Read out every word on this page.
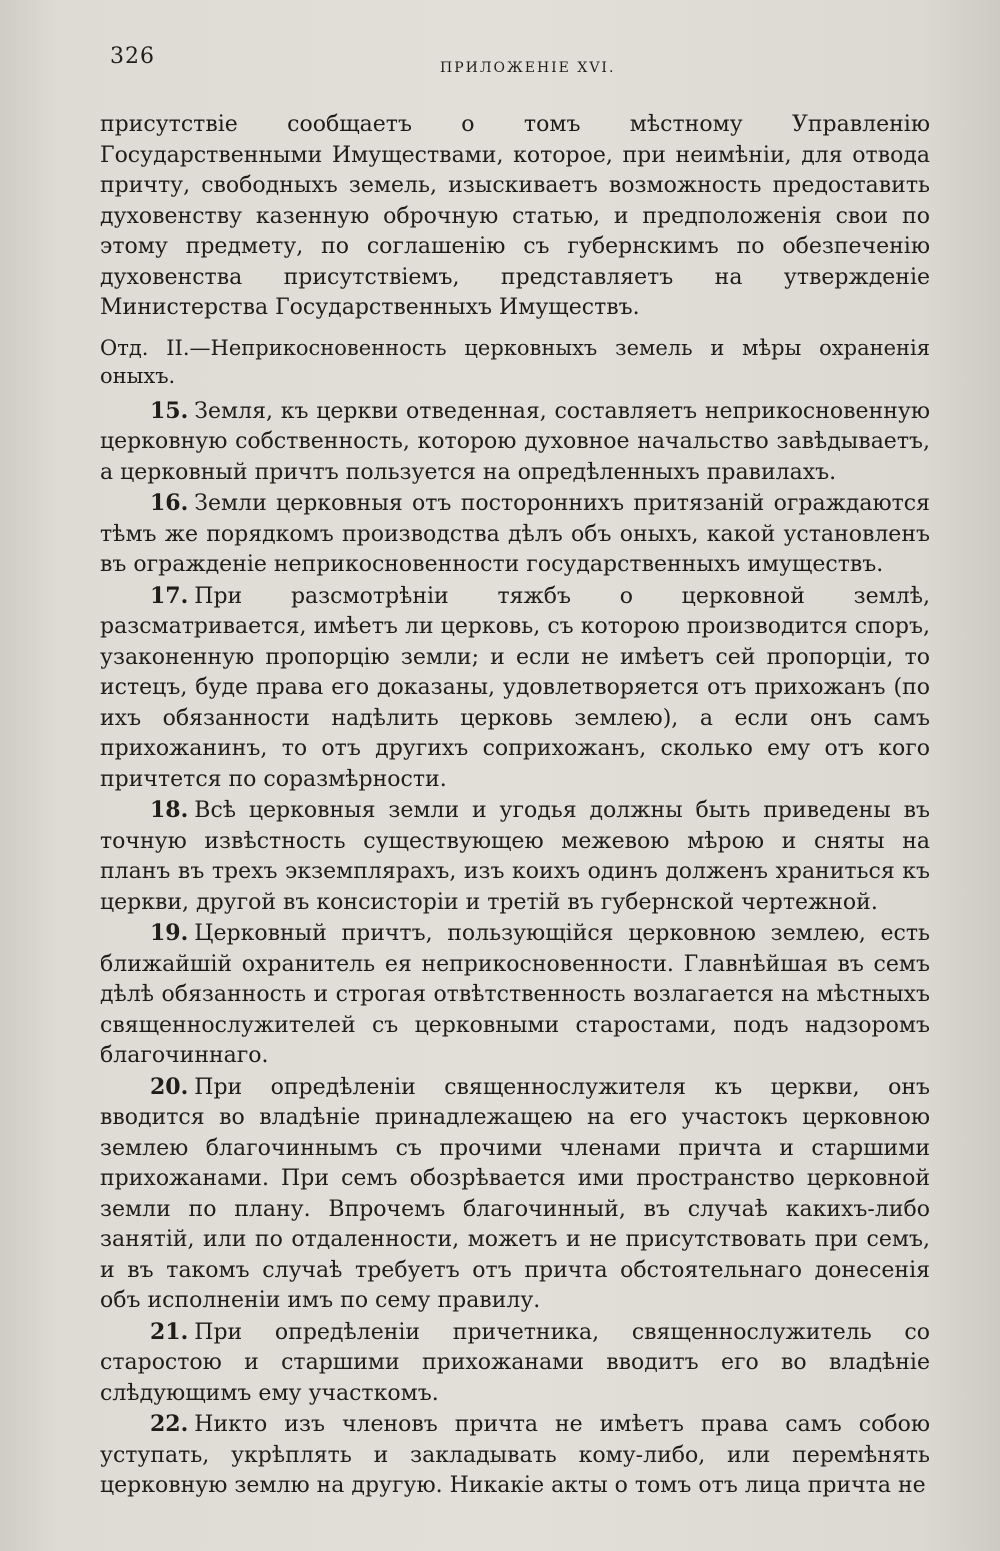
326	ПРИЛОЖЕНІЕ XVI.

присутствіе сообщаетъ о томъ мѣстному Управленію Государственными Имуществами, которое, при неимѣніи, для отвода причту, свободныхъ земель, изыскиваетъ возможность предоставить духовенству казенную оброчную статью, и предположенія свои по этому предмету, по соглашенію съ губернскимъ по обезпеченію духовенства присутствіемъ, представляетъ на утвержденіе Министерства Государственныхъ Имуществъ.

Отд. II.—Неприкосновенность церковныхъ земель и мѣры охраненія
оныхъ.

15. Земля, къ церкви отведенная, составляетъ неприкосновенную церковную собственность, которою духовное начальство завѣдываетъ, а церковный причтъ пользуется на опредѣленныхъ правилахъ.

16. Земли церковныя отъ постороннихъ притязаній ограждаются тѣмъ же порядкомъ производства дѣлъ объ оныхъ, какой установленъ въ огражденіе неприкосновенности государственныхъ имуществъ.

17. При разсмотрѣніи тяжбъ о церковной землѣ, разсматривается, имѣетъ ли церковь, съ которою производится споръ, узаконенную пропорцію земли; и если не имѣетъ сей пропорціи, то истецъ, буде права его доказаны, удовлетворяется отъ прихожанъ (по ихъ обязанности надѣлить церковь землею), а если онъ самъ прихожанинъ, то отъ другихъ соприхожанъ, сколько ему отъ кого причтется по соразмѣрности.

18. Всѣ церковныя земли и угодья должны быть приведены въ точную извѣстность существующею межевою мѣрою и сняты на планъ въ трехъ экземплярахъ, изъ коихъ одинъ долженъ храниться къ церкви, другой въ консисторіи и третій въ губернской чертежной.

19. Церковный причтъ, пользующійся церковною землею, есть ближайшій охранитель ея неприкосновенности. Главнѣйшая въ семъ дѣлѣ обязанность и строгая отвѣтственность возлагается на мѣстныхъ священнослужителей съ церковными старостами, подъ надзоромъ благочиннаго.

20. При опредѣленіи священнослужителя къ церкви, онъ вводится во владѣніе принадлежащею на его участокъ церковною землею благочиннымъ съ прочими членами причта и старшими прихожанами. При семъ обозрѣвается ими пространство церковной земли по плану. Впрочемъ благочинный, въ случаѣ какихъ-либо занятій, или по отдаленности, можетъ и не присутствовать при семъ, и въ такомъ случаѣ требуетъ отъ причта обстоятельнаго донесенія объ исполненіи имъ по сему правилу.

21. При опредѣленіи причетника, священнослужитель со старостою и старшими прихожанами вводитъ его во владѣніе слѣдующимъ ему участкомъ.

22. Никто изъ членовъ причта не имѣетъ права самъ собою уступать, укрѣплять и закладывать кому-либо, или перемѣнять церковную землю на другую. Никакіе акты о томъ отъ лица причта не
